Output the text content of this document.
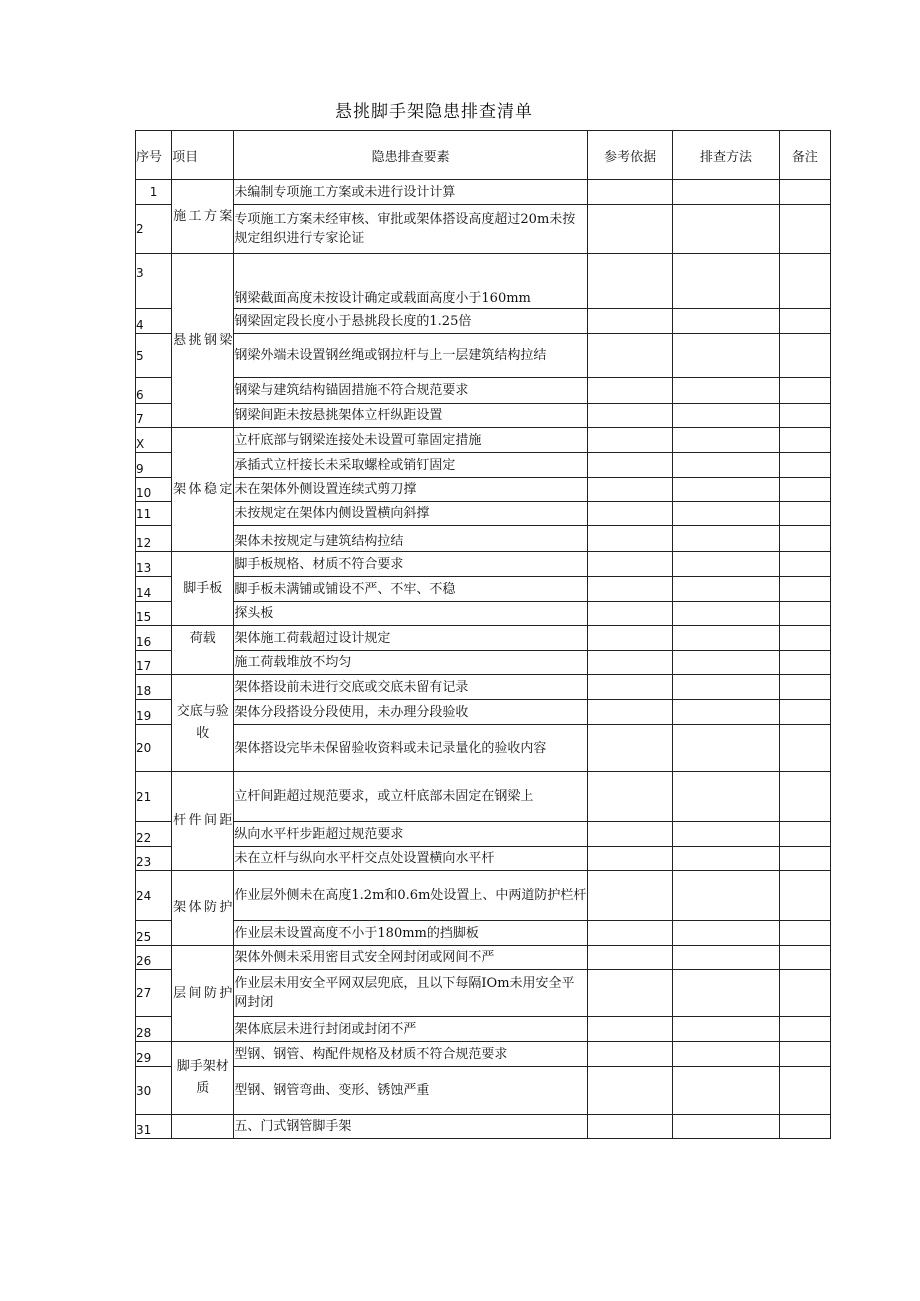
悬挑脚手架隐患排查清单
序号	项目	隐患排查要素	参考依据	排查方法	备注
1	施工方案	未编制专项施工方案或未进行设计计算			
2		专项施工方案未经审核、审批或架体搭设高度超过20m未按规定组织进行专家论证			
3	悬挑钢梁	钢梁截面高度未按设计确定或载面高度小于160mm			
4		钢梁固定段长度小于悬挑段长度的1.25倍			
5		钢梁外端未设置钢丝绳或钢拉杆与上一层建筑结构拉结			
6		钢梁与建筑结构锚固措施不符合规范要求			
7		钢梁间距未按悬挑架体立杆纵距设置			
X	架体稳定	立杆底部与钢梁连接处未设置可靠固定措施			
9		承插式立杆接长未采取螺栓或销钉固定			
10		未在架体外侧设置连续式剪刀撑			
11		未按规定在架体内侧设置横向斜撑			
12		架体未按规定与建筑结构拉结			
13	脚手板	脚手板规格、材质不符合要求			
14		脚手板未满铺或铺设不严、不牢、不稳			
15		探头板			
16	荷载	架体施工荷载超过设计规定			
17		施工荷载堆放不均匀			
18	交底与验收	架体搭设前未进行交底或交底未留有记录			
19		架体分段搭设分段使用，未办理分段验收			
20		架体搭设完毕未保留验收资料或未记录量化的验收内容			
21	杆件间距	立杆间距超过规范要求，或立杆底部未固定在钢梁上			
22		纵向水平杆步距超过规范要求			
23		未在立杆与纵向水平杆交点处设置横向水平杆			
24	架体防护	作业层外侧未在高度1.2m和0.6m处设置上、中两道防护栏杆			
25		作业层未设置高度不小于180mm的挡脚板			
26	层间防护	架体外侧未采用密目式安全网封闭或网间不严			
27		作业层未用安全平网双层兜底，且以下每隔IOm未用安全平网封闭			
28		架体底层未进行封闭或封闭不严			
29	脚手架材质	型钢、钢管、构配件规格及材质不符合规范要求			
30		型钢、钢管弯曲、变形、锈蚀严重			
31		五、门式钢管脚手架			
